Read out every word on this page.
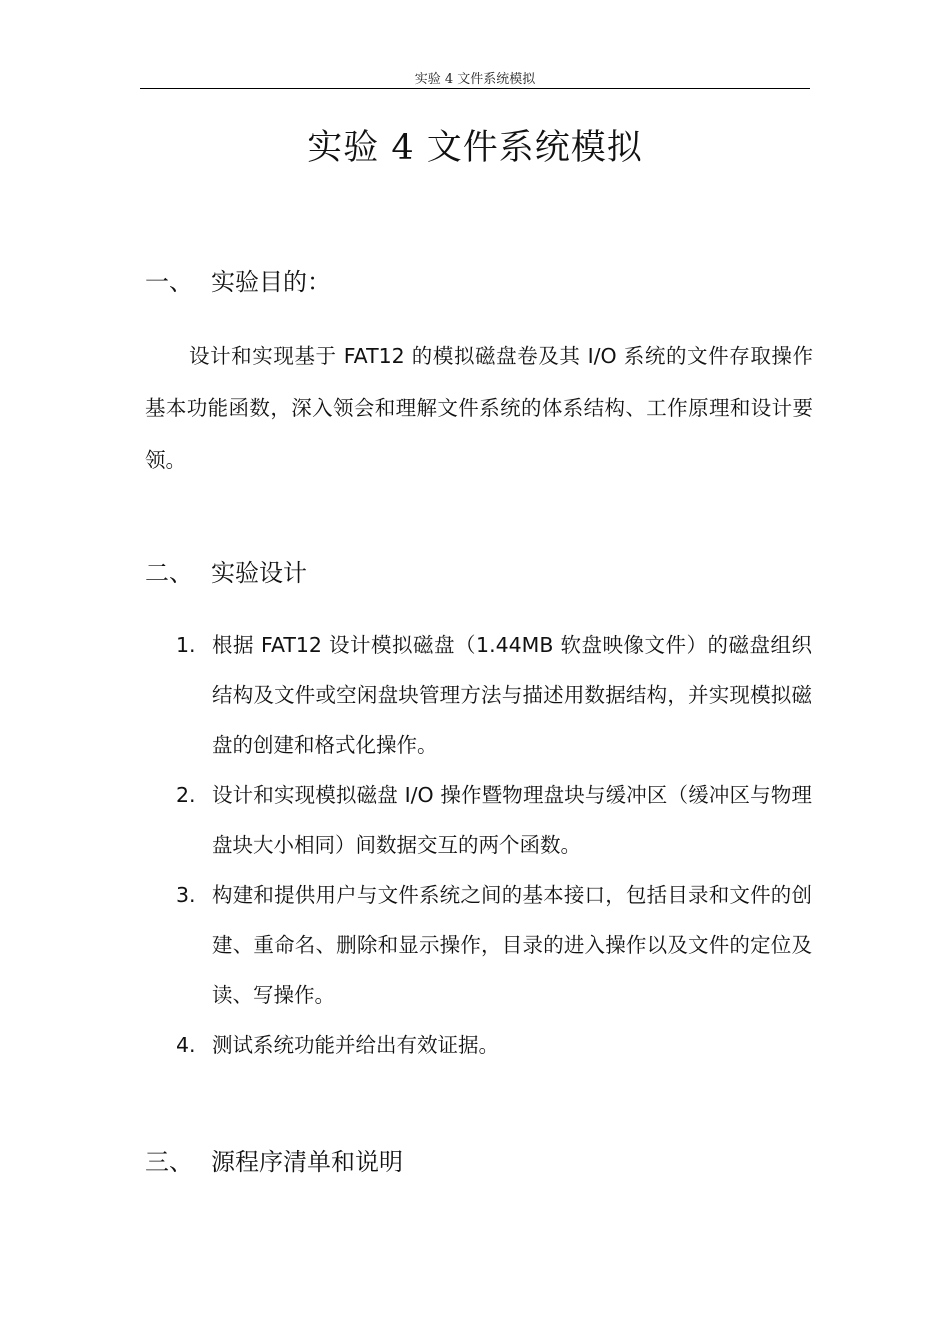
实验 4 文件系统模拟
实验 4 文件系统模拟
一、 实验目的：
设计和实现基于 FAT12 的模拟磁盘卷及其 I/O 系统的文件存取操作基本功能函数，深入领会和理解文件系统的体系结构、工作原理和设计要领。
二、 实验设计
1. 根据 FAT12 设计模拟磁盘（1.44MB 软盘映像文件）的磁盘组织结构及文件或空闲盘块管理方法与描述用数据结构，并实现模拟磁盘的创建和格式化操作。
2. 设计和实现模拟磁盘 I/O 操作暨物理盘块与缓冲区（缓冲区与物理盘块大小相同）间数据交互的两个函数。
3. 构建和提供用户与文件系统之间的基本接口，包括目录和文件的创建、重命名、删除和显示操作，目录的进入操作以及文件的定位及读、写操作。
4. 测试系统功能并给出有效证据。
三、 源程序清单和说明
